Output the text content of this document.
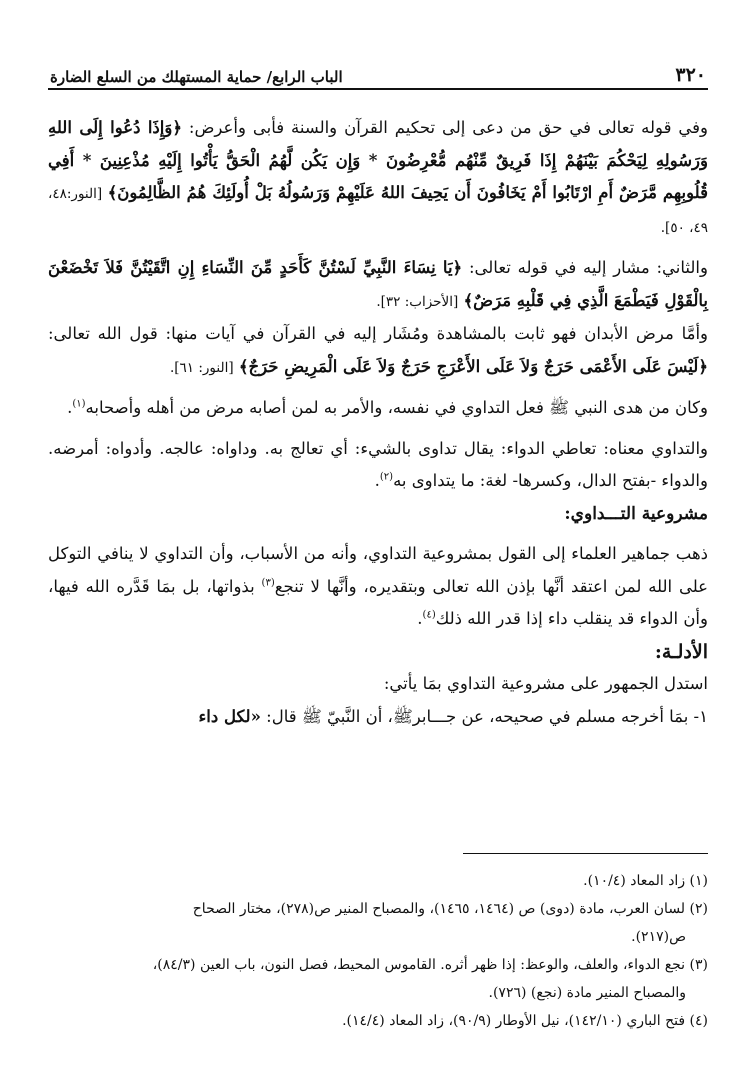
٣٢٠
الباب الرابع/ حماية المستهلك من السلع الضارة

وفي قوله تعالى في حق من دعى إلى تحكيم القرآن والسنة فأبى وأعرض: ﴿وَإِذَا دُعُوا إِلَى اللهِ وَرَسُولِهِ لِيَحْكُمَ بَيْنَهُمْ إِذَا فَرِيقٌ مِّنْهُم مُّعْرِضُونَ * وَإِن يَكُن لَّهُمُ الْحَقُّ يَأْتُوا إِلَيْهِ مُذْعِنِينَ * أَفِي قُلُوبِهِم مَّرَضٌ أَمِ ارْتَابُوا أَمْ يَخَافُونَ أَن يَحِيفَ اللهُ عَلَيْهِمْ وَرَسُولُهُ بَلْ أُولَئِكَ هُمُ الظَّالِمُونَ﴾ [النور:٤٨، ٤٩، ٥٠].

والثاني: مشار إليه في قوله تعالى: ﴿يَا نِسَاءَ النَّبِيِّ لَسْتُنَّ كَأَحَدٍ مِّنَ النِّسَاءِ إِنِ اتَّقَيْتُنَّ فَلاَ تَخْضَعْنَ بِالْقَوْلِ فَيَطْمَعَ الَّذِي فِي قَلْبِهِ مَرَضٌ﴾ [الأحزاب: ٣٢].

وأمَّا مرض الأبدان فهو ثابت بالمشاهدة ومُشَار إليه في القرآن في آيات منها: قول الله تعالى: ﴿لَيْسَ عَلَى الأَعْمَى حَرَجٌ وَلاَ عَلَى الأَعْرَجِ حَرَجٌ وَلاَ عَلَى الْمَرِيضِ حَرَجٌ﴾ [النور: ٦١].

وكان من هدى النبي ﷺ فعل التداوي في نفسه، والأمر به لمن أصابه مرض من أهله وأصحابه$^{(١)}$.

والتداوي معناه: تعاطي الدواء: يقال تداوى بالشيء: أي تعالج به. وداواه: عالجه. وأدواه: أمرضه. والدواء -بفتح الدال، وكسرها- لغة: ما يتداوى به$^{(٢)}$.

مشروعية التـــداوي:

ذهب جماهير العلماء إلى القول بمشروعية التداوي، وأنه من الأسباب، وأن التداوي لا ينافي التوكل على الله لمن اعتقد أنَّها بإذن الله تعالى وبتقديره، وأنَّها لا تنجع$^{(٣)}$ بذواتها، بل بمَا قَدَّره الله فيها، وأن الدواء قد ينقلب داء إذا قدر الله ذلك$^{(٤)}$.

الأدلـة:

استدل الجمهور على مشروعية التداوي بمَا يأتي:

١- بمَا أخرجه مسلم في صحيحه، عن جـــابرﷺ، أن النَّبيّ ﷺ قال: «لكل داء

(١) زاد المعاد (١٠/٤).

(٢) لسان العرب، مادة (دوى) ص (١٤٦٤، ١٤٦٥)، والمصباح المنير ص(٢٧٨)، مختار الصحاح

ص(٢١٧).

(٣) نجع الدواء، والعلف، والوعظ: إذا ظهر أثره. القاموس المحيط، فصل النون، باب العين (٨٤/٣)،

والمصباح المنير مادة (نجع) (٧٢٦).

(٤) فتح الباري (١٤٢/١٠)، نيل الأوطار (٩٠/٩)، زاد المعاد (١٤/٤).
